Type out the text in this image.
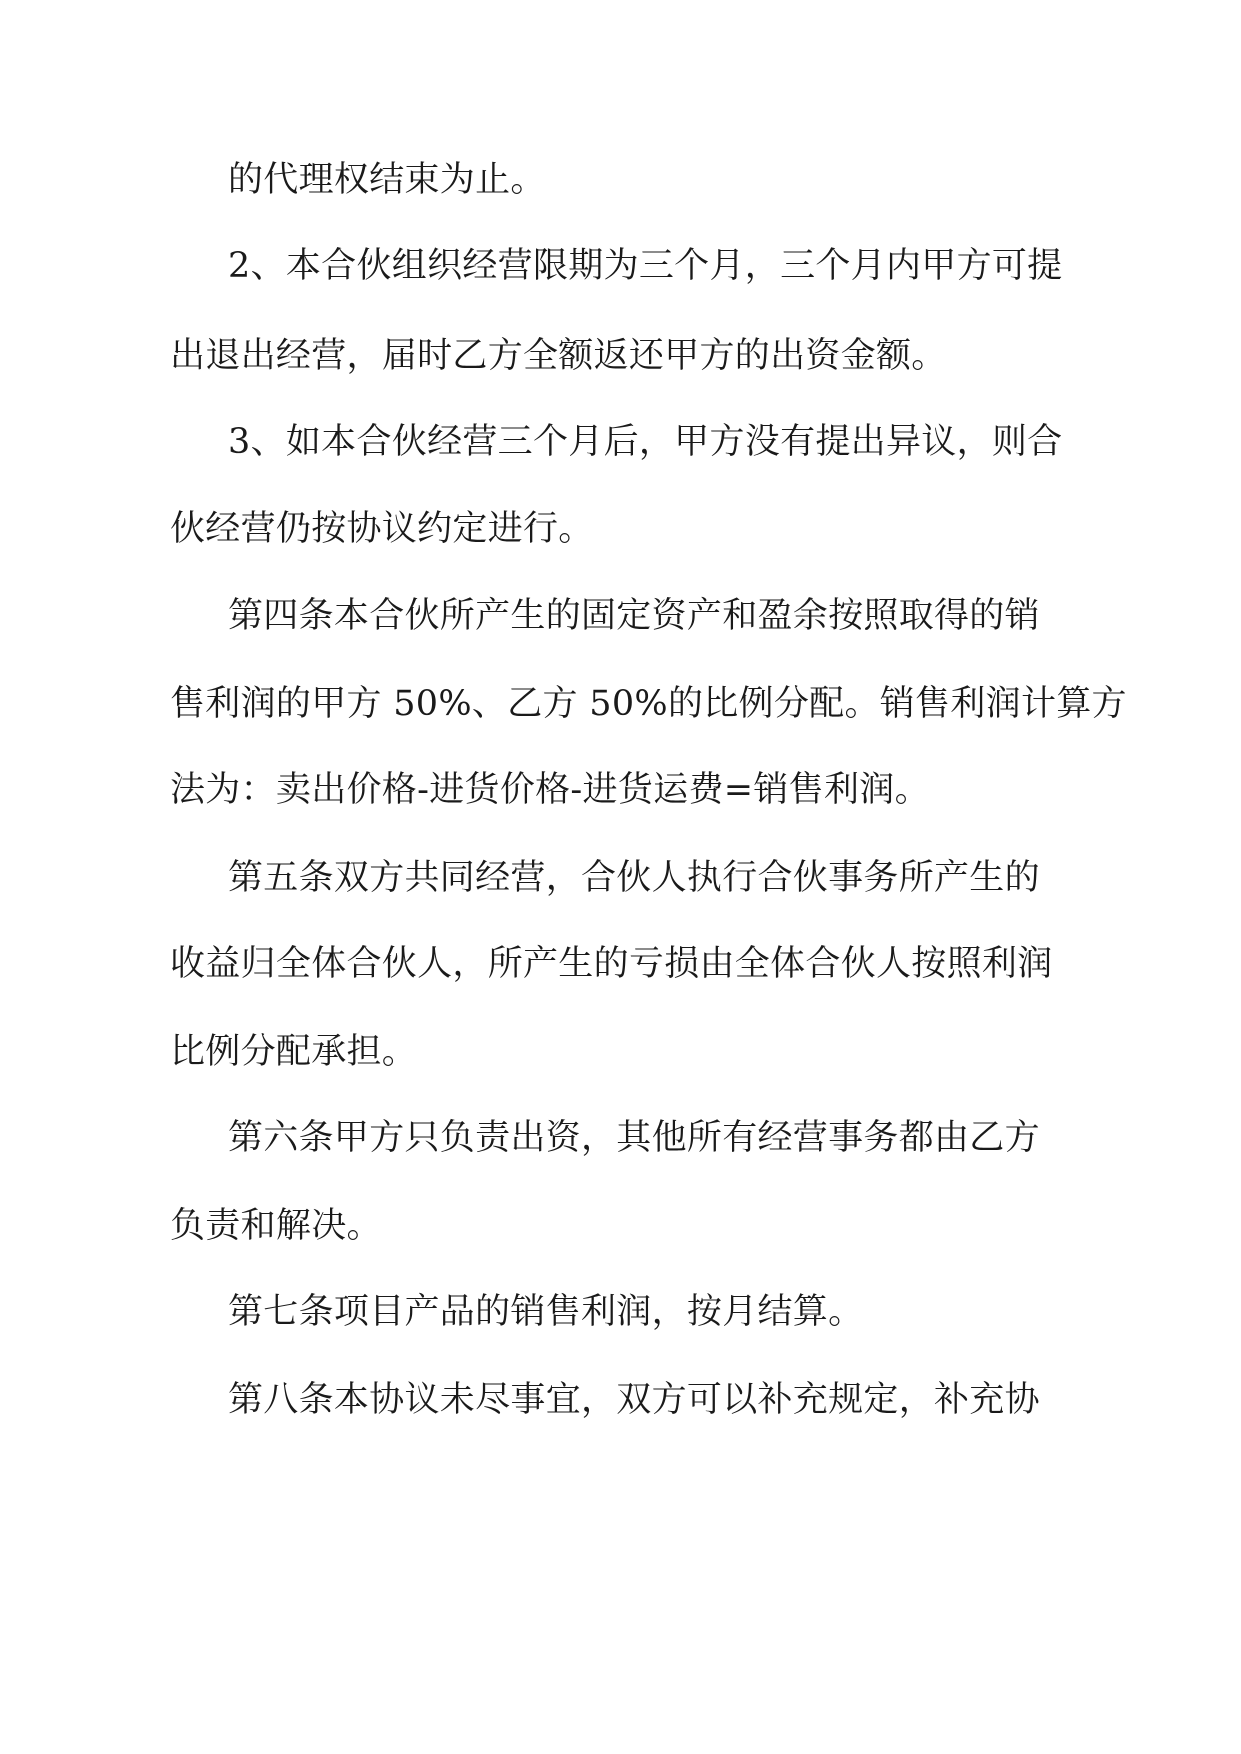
的代理权结束为止。

2、本合伙组织经营限期为三个月，三个月内甲方可提

出退出经营，届时乙方全额返还甲方的出资金额。

3、如本合伙经营三个月后，甲方没有提出异议，则合

伙经营仍按协议约定进行。

第四条本合伙所产生的固定资产和盈余按照取得的销

售利润的甲方 50%、乙方 50%的比例分配。销售利润计算方

法为：卖出价格-进货价格-进货运费=销售利润。

第五条双方共同经营，合伙人执行合伙事务所产生的

收益归全体合伙人，所产生的亏损由全体合伙人按照利润

比例分配承担。

第六条甲方只负责出资，其他所有经营事务都由乙方

负责和解决。

第七条项目产品的销售利润，按月结算。

第八条本协议未尽事宜，双方可以补充规定，补充协
